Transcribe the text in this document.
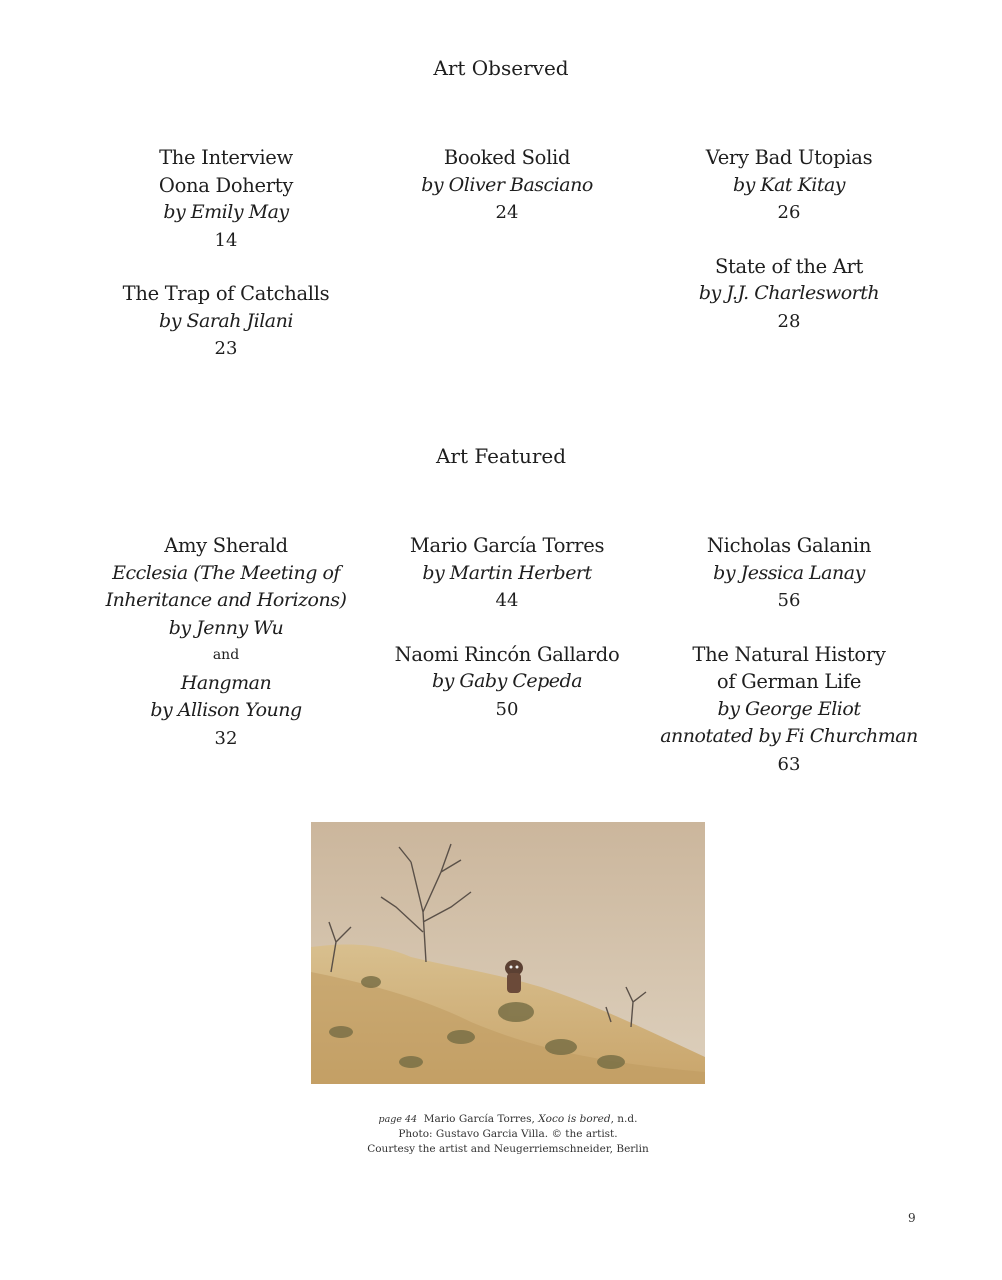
Art Observed
The Interview
Oona Doherty
by Emily May
14
The Trap of Catchalls
by Sarah Jilani
23
Booked Solid
by Oliver Basciano
24
Very Bad Utopias
by Kat Kitay
26
State of the Art
by J.J. Charlesworth
28
Art Featured
Amy Sherald
Ecclesia (The Meeting of
Inheritance and Horizons)
by Jenny Wu
and
Hangman
by Allison Young
32
Mario García Torres
by Martin Herbert
44
Naomi Rincón Gallardo
by Gaby Cepeda
50
Nicholas Galanin
by Jessica Lanay
56
The Natural History
of German Life
by George Eliot
annotated by Fi Churchman
63
page 44 Mario García Torres, Xoco is bored, n.d.
Photo: Gustavo Garcia Villa. © the artist.
Courtesy the artist and Neugerriemschneider, Berlin
9
